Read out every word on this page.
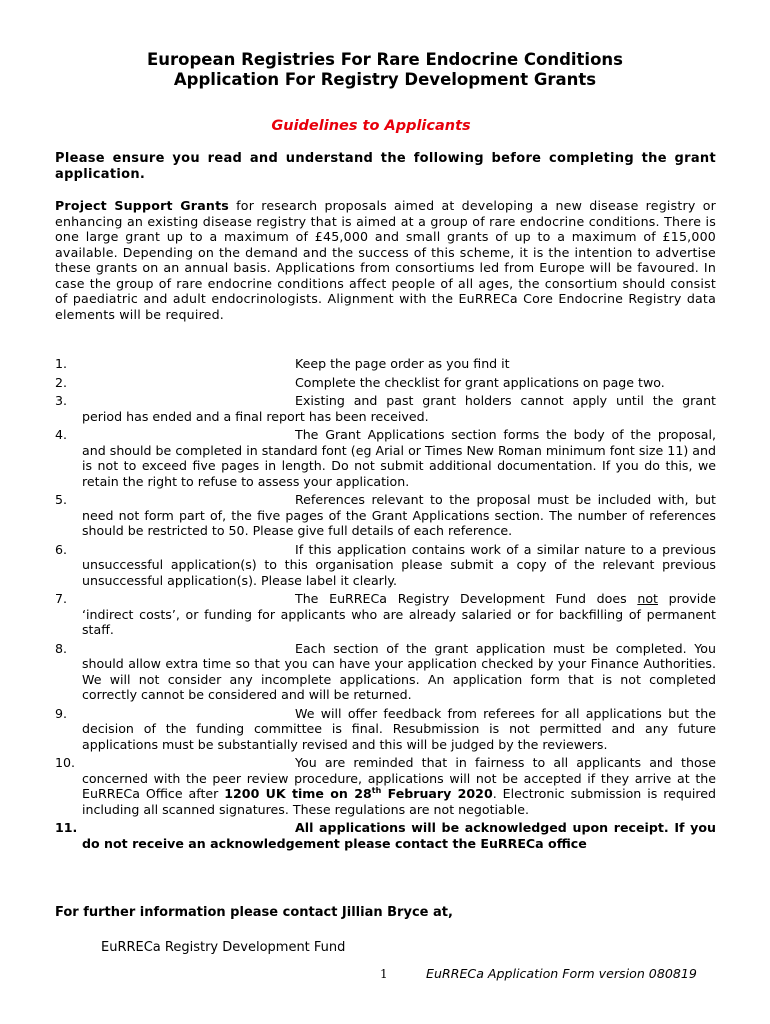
European Registries For Rare Endocrine Conditions
Application For Registry Development Grants
Guidelines to Applicants
Please ensure you read and understand the following before completing the grant application.
Project Support Grants for research proposals aimed at developing a new disease registry or enhancing an existing disease registry that is aimed at a group of rare endocrine conditions. There is one large grant up to a maximum of £45,000 and small grants of up to a maximum of £15,000 available. Depending on the demand and the success of this scheme, it is the intention to advertise these grants on an annual basis. Applications from consortiums led from Europe will be favoured. In case the group of rare endocrine conditions affect people of all ages, the consortium should consist of paediatric and adult endocrinologists. Alignment with the EuRRECa Core Endocrine Registry data elements will be required.
1.	Keep the page order as you find it
2.	Complete the checklist for grant applications on page two.
3.	Existing and past grant holders cannot apply until the grant period has ended and a final report has been received.
4.	The Grant Applications section forms the body of the proposal, and should be completed in standard font (eg Arial or Times New Roman minimum font size 11) and is not to exceed five pages in length. Do not submit additional documentation. If you do this, we retain the right to refuse to assess your application.
5.	References relevant to the proposal must be included with, but need not form part of, the five pages of the Grant Applications section. The number of references should be restricted to 50. Please give full details of each reference.
6.	If this application contains work of a similar nature to a previous unsuccessful application(s) to this organisation please submit a copy of the relevant previous unsuccessful application(s). Please label it clearly.
7.	The EuRRECa Registry Development Fund does not provide ‘indirect costs’, or funding for applicants who are already salaried or for backfilling of permanent staff.
8.	Each section of the grant application must be completed. You should allow extra time so that you can have your application checked by your Finance Authorities. We will not consider any incomplete applications. An application form that is not completed correctly cannot be considered and will be returned.
9.	We will offer feedback from referees for all applications but the decision of the funding committee is final. Resubmission is not permitted and any future applications must be substantially revised and this will be judged by the reviewers.
10.	You are reminded that in fairness to all applicants and those concerned with the peer review procedure, applications will not be accepted if they arrive at the EuRRECa Office after 1200 UK time on 28th February 2020. Electronic submission is required including all scanned signatures. These regulations are not negotiable.
11.	All applications will be acknowledged upon receipt. If you do not receive an acknowledgement please contact the EuRRECa office
For further information please contact Jillian Bryce at,
EuRRECa Registry Development Fund
1	EuRRECa Application Form version 080819
